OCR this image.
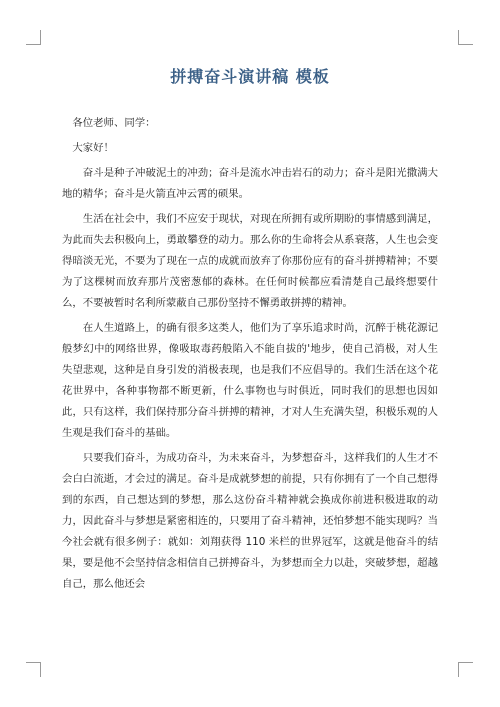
拼搏奋斗演讲稿 模板

各位老师、同学：

大家好！

奋斗是种子冲破泥土的冲劲；奋斗是流水冲击岩石的动力；奋斗是阳光撒满大地的精华；奋斗是火箭直冲云霄的硕果。

生活在社会中，我们不应安于现状，对现在所拥有或所期盼的事情感到满足，为此而失去积极向上，勇敢攀登的动力。那么你的生命将会从系衰落，人生也会变得暗淡无光，不要为了现在一点的成就而放弃了你那份应有的奋斗拼搏精神；不要为了这棵树而放弃那片茂密葱郁的森林。在任何时候都应看清楚自己最终想要什么，不要被暂时名利所蒙蔽自己那份坚持不懈勇敢拼搏的精神。

在人生道路上，的确有很多这类人，他们为了享乐追求时尚，沉醉于桃花源记般梦幻中的网络世界，像吸取毒药般陷入不能自拔的'地步，使自己消极，对人生失望悲观，这种是自身引发的消极表现，也是我们不应倡导的。我们生活在这个花花世界中，各种事物都不断更新，什么事物也与时俱近，同时我们的思想也因如此，只有这样，我们保持那分奋斗拼搏的精神，才对人生充满失望，积极乐观的人生观是我们奋斗的基础。

只要我们奋斗，为成功奋斗，为未来奋斗，为梦想奋斗，这样我们的人生才不会白白流逝，才会过的满足。奋斗是成就梦想的前提，只有你拥有了一个自己想得到的东西，自己想达到的梦想，那么这份奋斗精神就会换成你前进积极进取的动力，因此奋斗与梦想是紧密相连的，只要用了奋斗精神，还怕梦想不能实现吗？当今社会就有很多例子：就如：刘翔获得 110 米栏的世界冠军，这就是他奋斗的结果，要是他不会坚持信念相信自己拼搏奋斗，为梦想而全力以赴，突破梦想，超越自己，那么他还会
